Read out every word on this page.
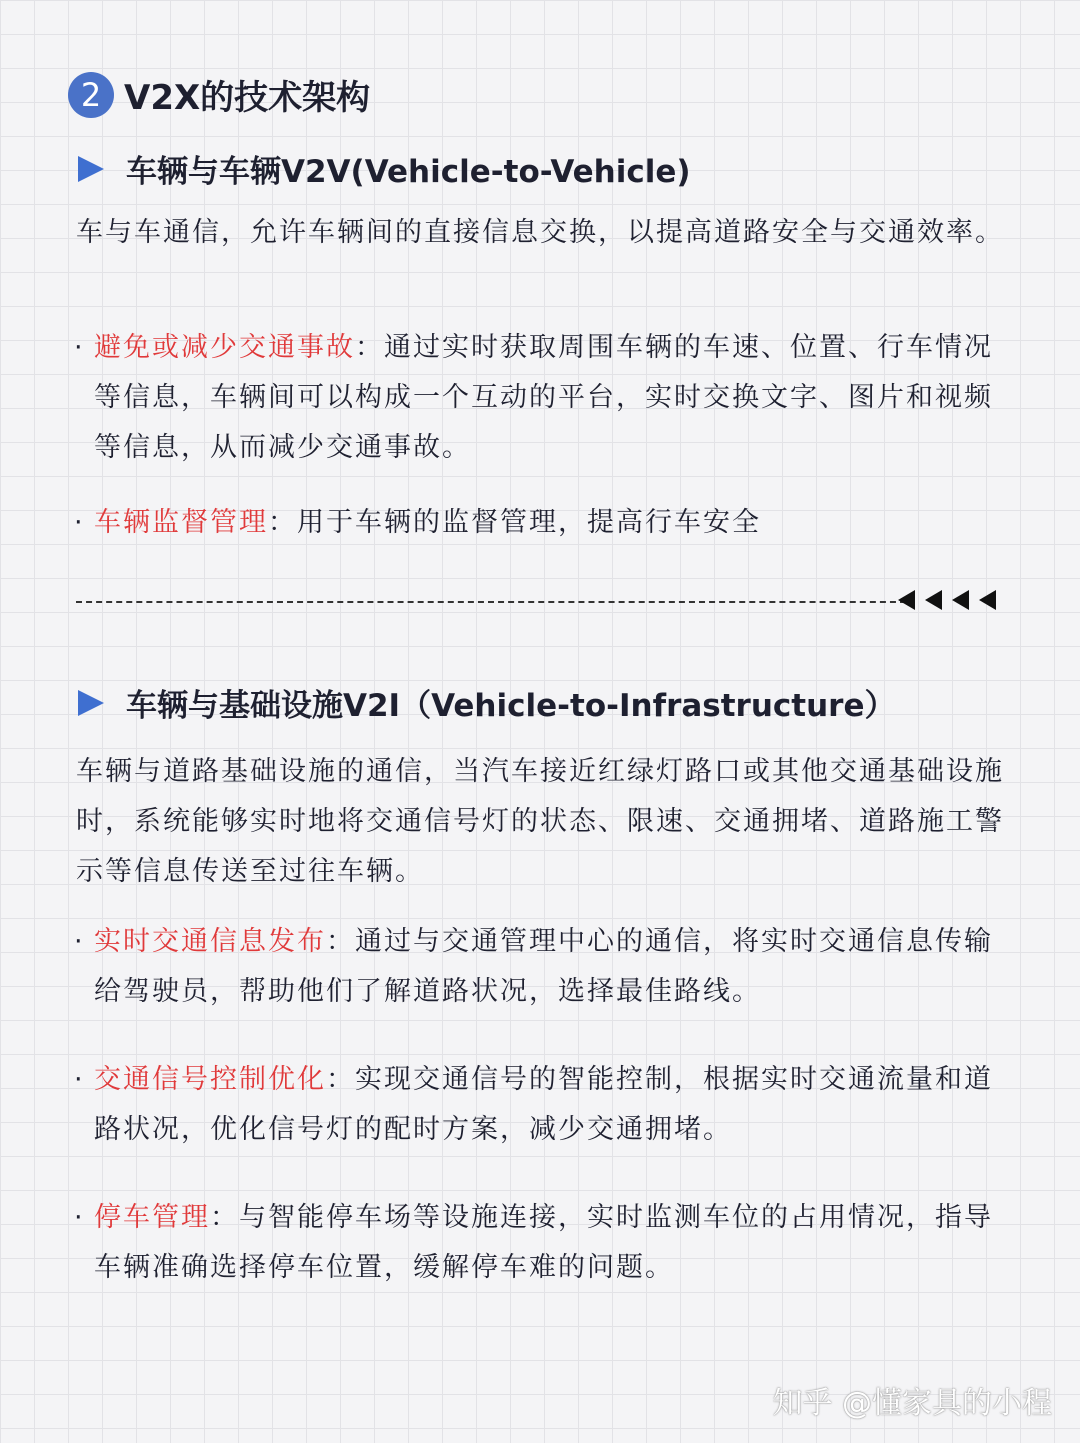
2 V2X的技术架构
车辆与车辆V2V(Vehicle-to-Vehicle)
车与车通信，允许车辆间的直接信息交换，以提高道路安全与交通效率。
· 避免或减少交通事故：通过实时获取周围车辆的车速、位置、行车情况等信息，车辆间可以构成一个互动的平台，实时交换文字、图片和视频等信息，从而减少交通事故。
· 车辆监督管理：用于车辆的监督管理，提高行车安全
车辆与基础设施V2I（Vehicle-to-Infrastructure）
车辆与道路基础设施的通信，当汽车接近红绿灯路口或其他交通基础设施时，系统能够实时地将交通信号灯的状态、限速、交通拥堵、道路施工警示等信息传送至过往车辆。
· 实时交通信息发布：通过与交通管理中心的通信，将实时交通信息传输给驾驶员，帮助他们了解道路状况，选择最佳路线。
· 交通信号控制优化：实现交通信号的智能控制，根据实时交通流量和道路状况，优化信号灯的配时方案，减少交通拥堵。
· 停车管理：与智能停车场等设施连接，实时监测车位的占用情况，指导车辆准确选择停车位置，缓解停车难的问题。
知乎 @懂家具的小程
